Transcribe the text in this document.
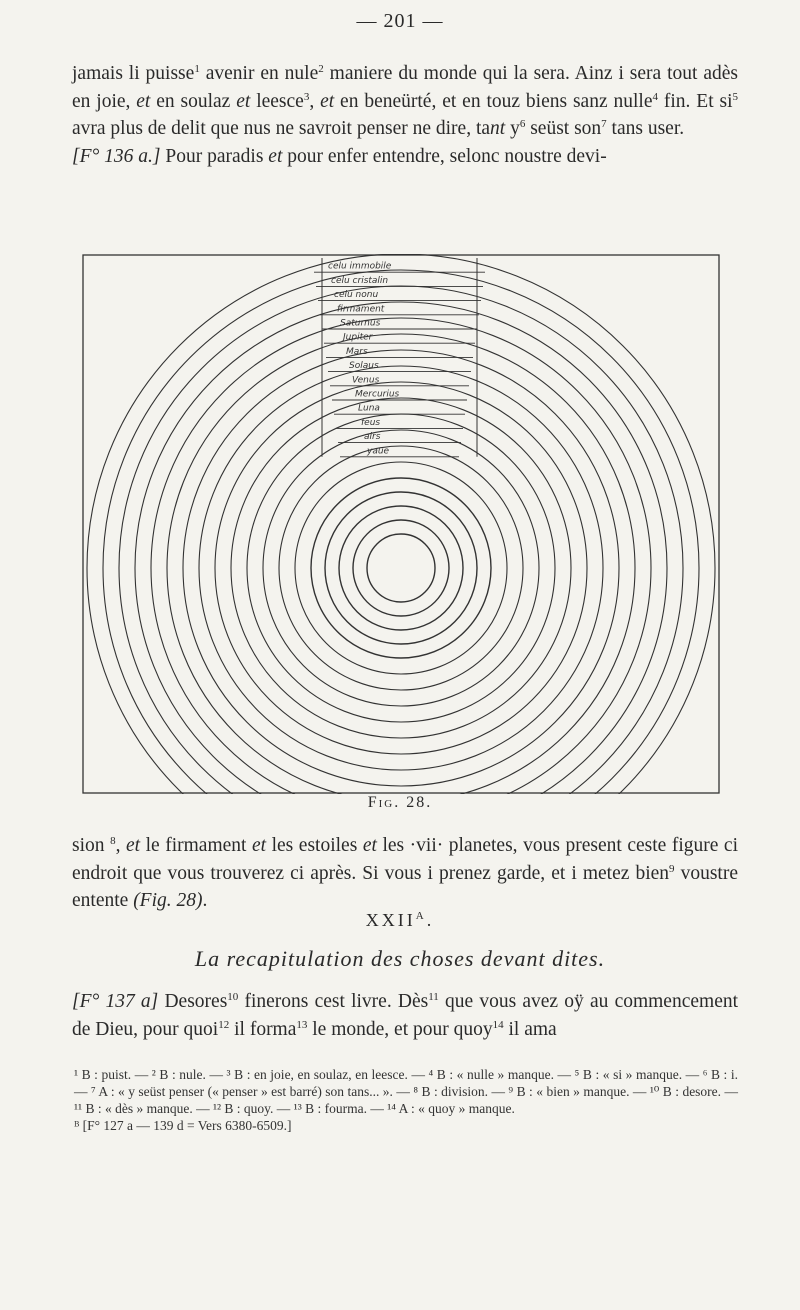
— 201 —

jamais li puisse$^1$ avenir en nule$^2$ maniere du monde qui la sera. Ainz i sera tout adès en joie, et en soulaz et leesce$^3$, et en beneürté, et en touz biens sanz nulle$^4$ fin. Et $si^5$ avra plus de delit que nus ne savroit penser ne dire, tant $y^6$ seüst son$^7$ tans user.

[F° 136 a.] Pour paradis et pour enfer entendre, selonc noustre devi-

celu immobile
celu cristalin
celu nonu
firmament
Saturnus
Jupiter
Mars
Solaus
Venus
Mercurius
Luna
feus
airs
yaue
Fig. 28.

sion $^8$, et le firmament et les estoiles et les ·vii· planetes, vous present ceste figure ci endroit que vous trouverez ci après. Si vous i prenez garde, et i metez bien$^9$ voustre entente (Fig. 28).

$XXII^A$.
La recapitulation des choses devant dites.

[F° 137 a] Desores$^{10}$ finerons cest livre. Dès$^{11}$ que vous avez oÿ au commencement de Dieu, pour quoi$^{12}$ il forma$^{13}$ le monde, et pour quoy$^{14}$ il ama

¹ B : puist. — ² B : nule. — ³ B : en joie, en soulaz, en leesce. — ⁴ B : « nulle » manque. — ⁵ B : « si » manque. — ⁶ B : i. — ⁷ A : « y seüst penser (« penser » est barré) son tans... ». — ⁸ B : division. — ⁹ B : « bien » manque. — ¹⁰ B : desore. — ¹¹ B : « dès » manque. — ¹² B : quoy. — ¹³ B : fourma. — ¹⁴ A : « quoy » manque.

ᴮ [F° 127 a — 139 d = Vers 6380-6509.]
